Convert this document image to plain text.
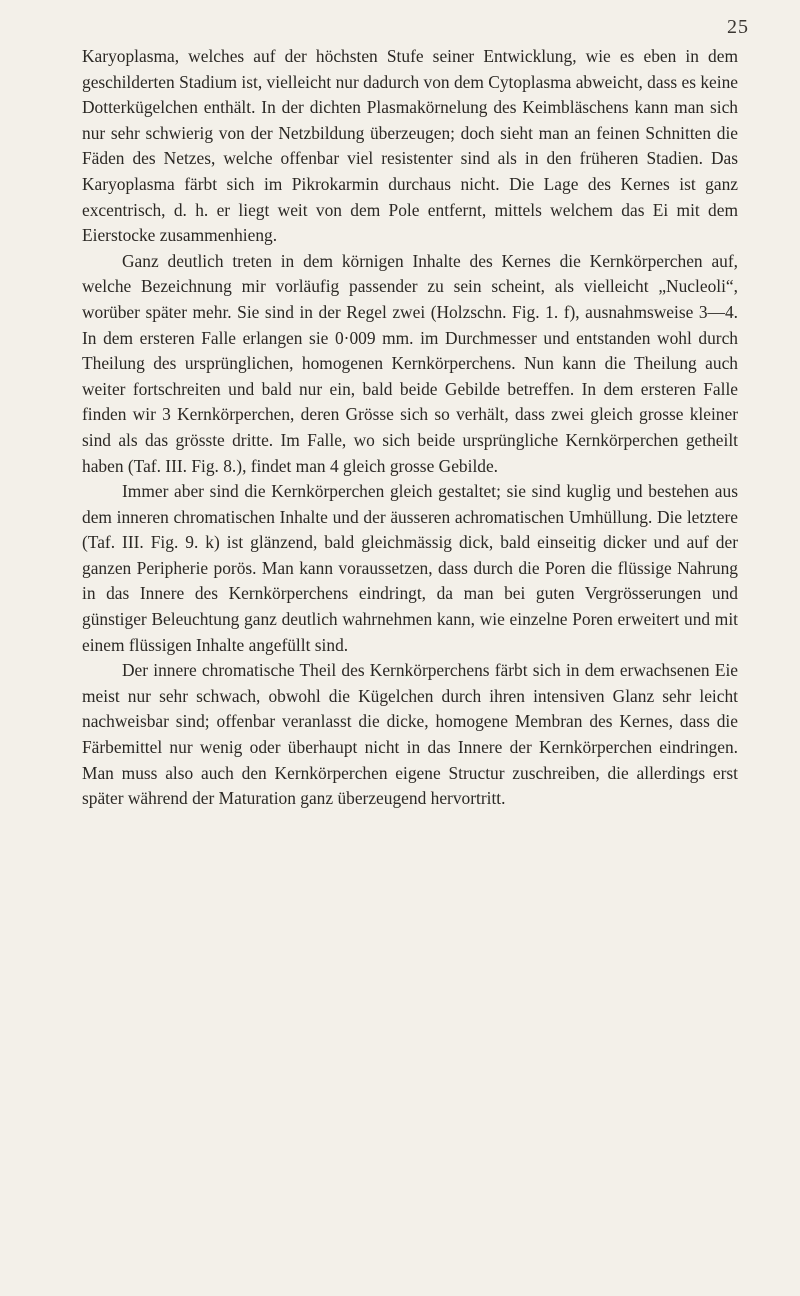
25

Karyoplasma, welches auf der höchsten Stufe seiner Entwicklung, wie es eben in dem geschilderten Stadium ist, vielleicht nur dadurch von dem Cytoplasma abweicht, dass es keine Dotterkügelchen enthält. In der dichten Plasmakörnelung des Keimbläschens kann man sich nur sehr schwierig von der Netzbildung überzeugen; doch sieht man an feinen Schnitten die Fäden des Netzes, welche offenbar viel resistenter sind als in den früheren Stadien. Das Karyoplasma färbt sich im Pikrokarmin durchaus nicht. Die Lage des Kernes ist ganz excentrisch, d. h. er liegt weit von dem Pole entfernt, mittels welchem das Ei mit dem Eierstocke zusammenhieng.

Ganz deutlich treten in dem körnigen Inhalte des Kernes die Kernkörperchen auf, welche Bezeichnung mir vorläufig passender zu sein scheint, als vielleicht „Nucleoli“, worüber später mehr. Sie sind in der Regel zwei (Holzschn. Fig. 1. f), ausnahmsweise 3—4. In dem ersteren Falle erlangen sie 0·009 mm. im Durchmesser und entstanden wohl durch Theilung des ursprünglichen, homogenen Kernkörperchens. Nun kann die Theilung auch weiter fortschreiten und bald nur ein, bald beide Gebilde betreffen. In dem ersteren Falle finden wir 3 Kernkörperchen, deren Grösse sich so verhält, dass zwei gleich grosse kleiner sind als das grösste dritte. Im Falle, wo sich beide ursprüngliche Kernkörperchen getheilt haben (Taf. III. Fig. 8.), findet man 4 gleich grosse Gebilde.

Immer aber sind die Kernkörperchen gleich gestaltet; sie sind kuglig und bestehen aus dem inneren chromatischen Inhalte und der äusseren achromatischen Umhüllung. Die letztere (Taf. III. Fig. 9. k) ist glänzend, bald gleichmässig dick, bald einseitig dicker und auf der ganzen Peripherie porös. Man kann voraussetzen, dass durch die Poren die flüssige Nahrung in das Innere des Kernkörperchens eindringt, da man bei guten Vergrösserungen und günstiger Beleuchtung ganz deutlich wahrnehmen kann, wie einzelne Poren erweitert und mit einem flüssigen Inhalte angefüllt sind.

Der innere chromatische Theil des Kernkörperchens färbt sich in dem erwachsenen Eie meist nur sehr schwach, obwohl die Kügelchen durch ihren intensiven Glanz sehr leicht nachweisbar sind; offenbar veranlasst die dicke, homogene Membran des Kernes, dass die Färbemittel nur wenig oder überhaupt nicht in das Innere der Kernkörperchen eindringen. Man muss also auch den Kernkörperchen eigene Structur zuschreiben, die allerdings erst später während der Maturation ganz überzeugend hervortritt.
